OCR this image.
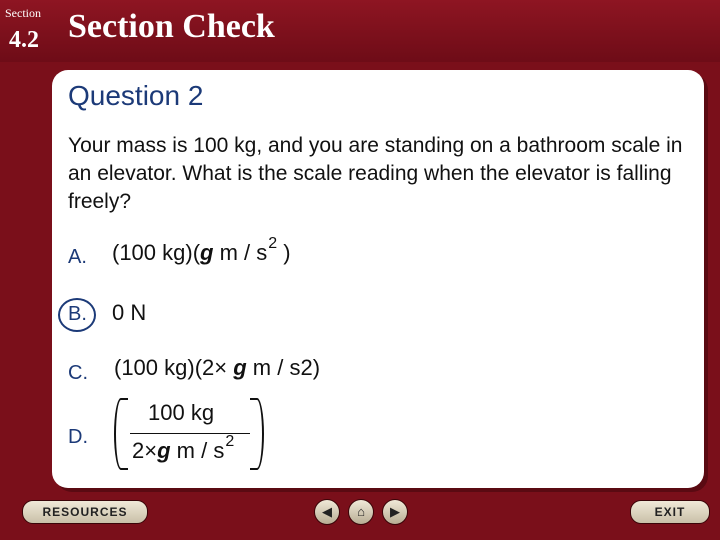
Section
4.2 Section Check
Question 2
Your mass is 100 kg, and you are standing on a bathroom scale in an elevator. What is the scale reading when the elevator is falling freely?
A. (100 kg)(g m / $s^2$ )
B. 0 N
C. (100 kg)(2× g m / s2)
D.
100 kg
2×g m / $s^2$
RESOURCES	◀	⌂	▶	EXIT
